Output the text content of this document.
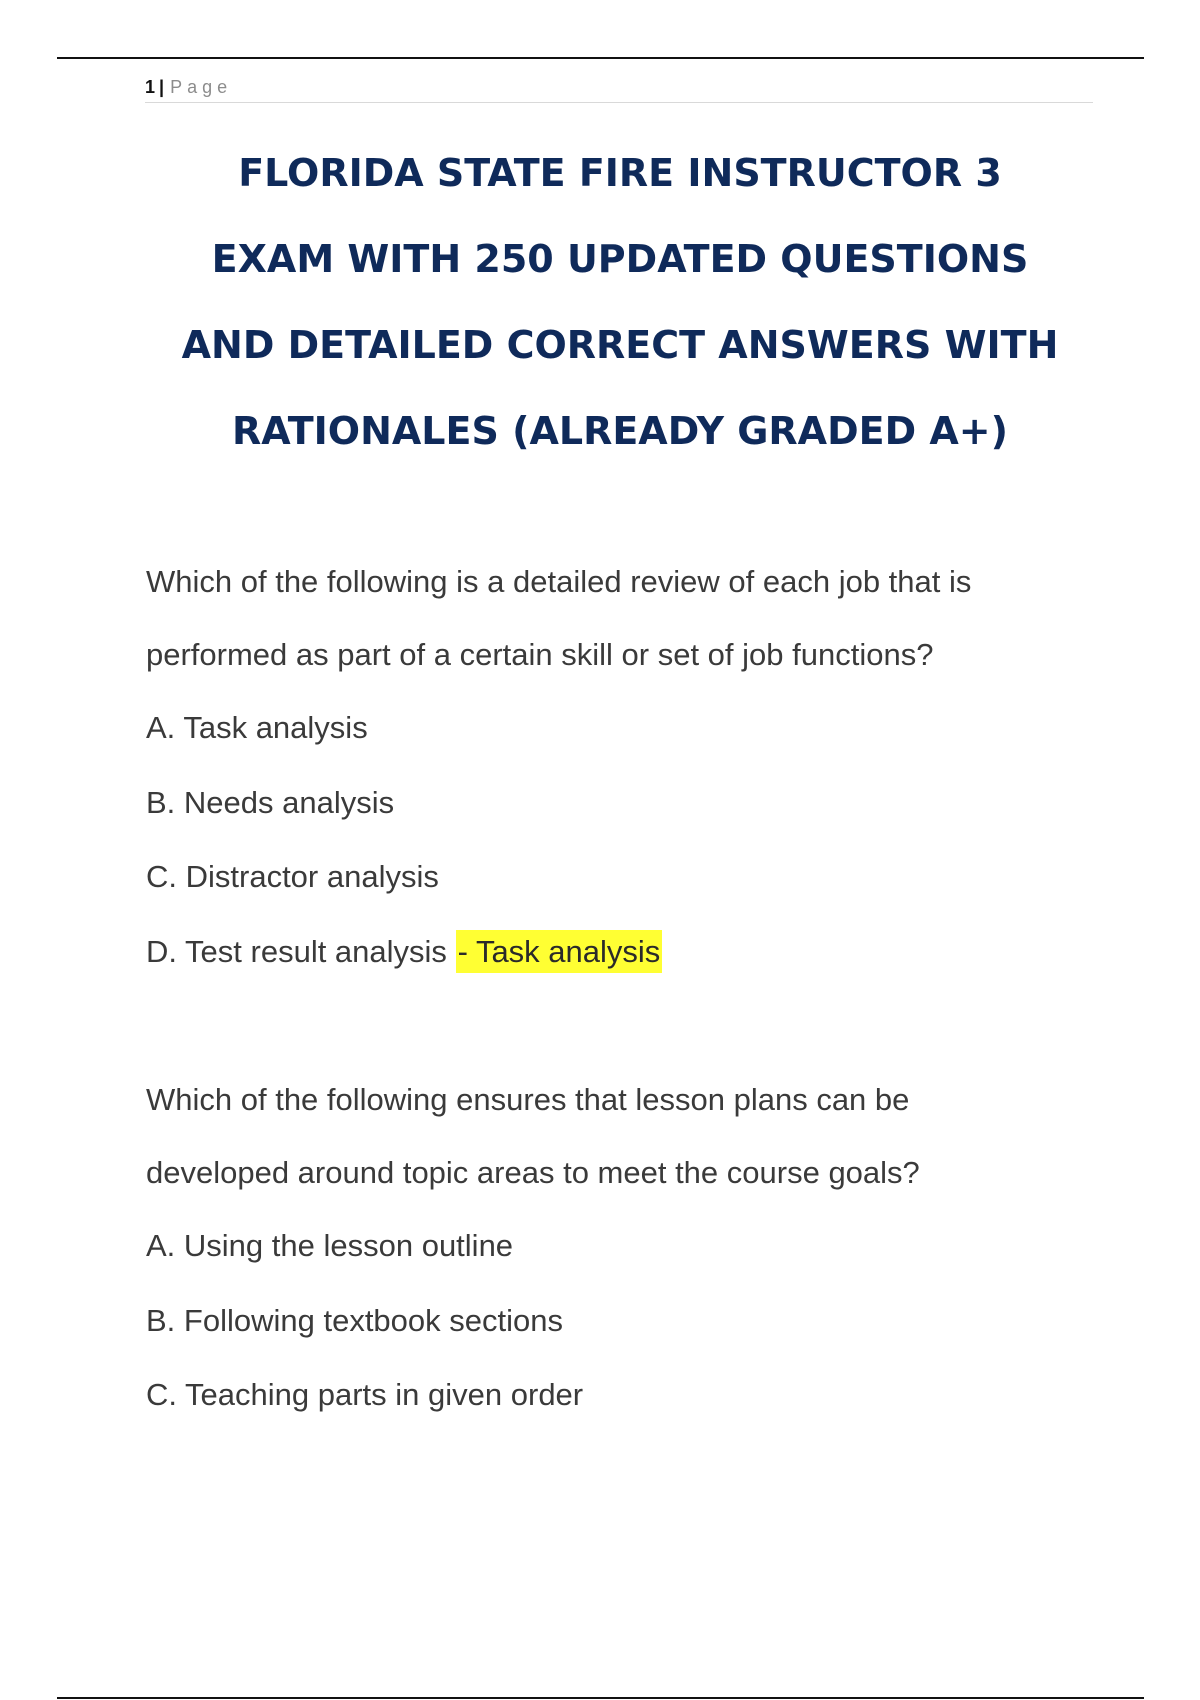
1 | Page
FLORIDA STATE FIRE INSTRUCTOR 3
EXAM WITH 250 UPDATED QUESTIONS
AND DETAILED CORRECT ANSWERS WITH
RATIONALES (ALREADY GRADED A+)
Which of the following is a detailed review of each job that is
performed as part of a certain skill or set of job functions?
A. Task analysis
B. Needs analysis
C. Distractor analysis
D. Test result analysis - Task analysis
Which of the following ensures that lesson plans can be
developed around topic areas to meet the course goals?
A. Using the lesson outline
B. Following textbook sections
C. Teaching parts in given order
